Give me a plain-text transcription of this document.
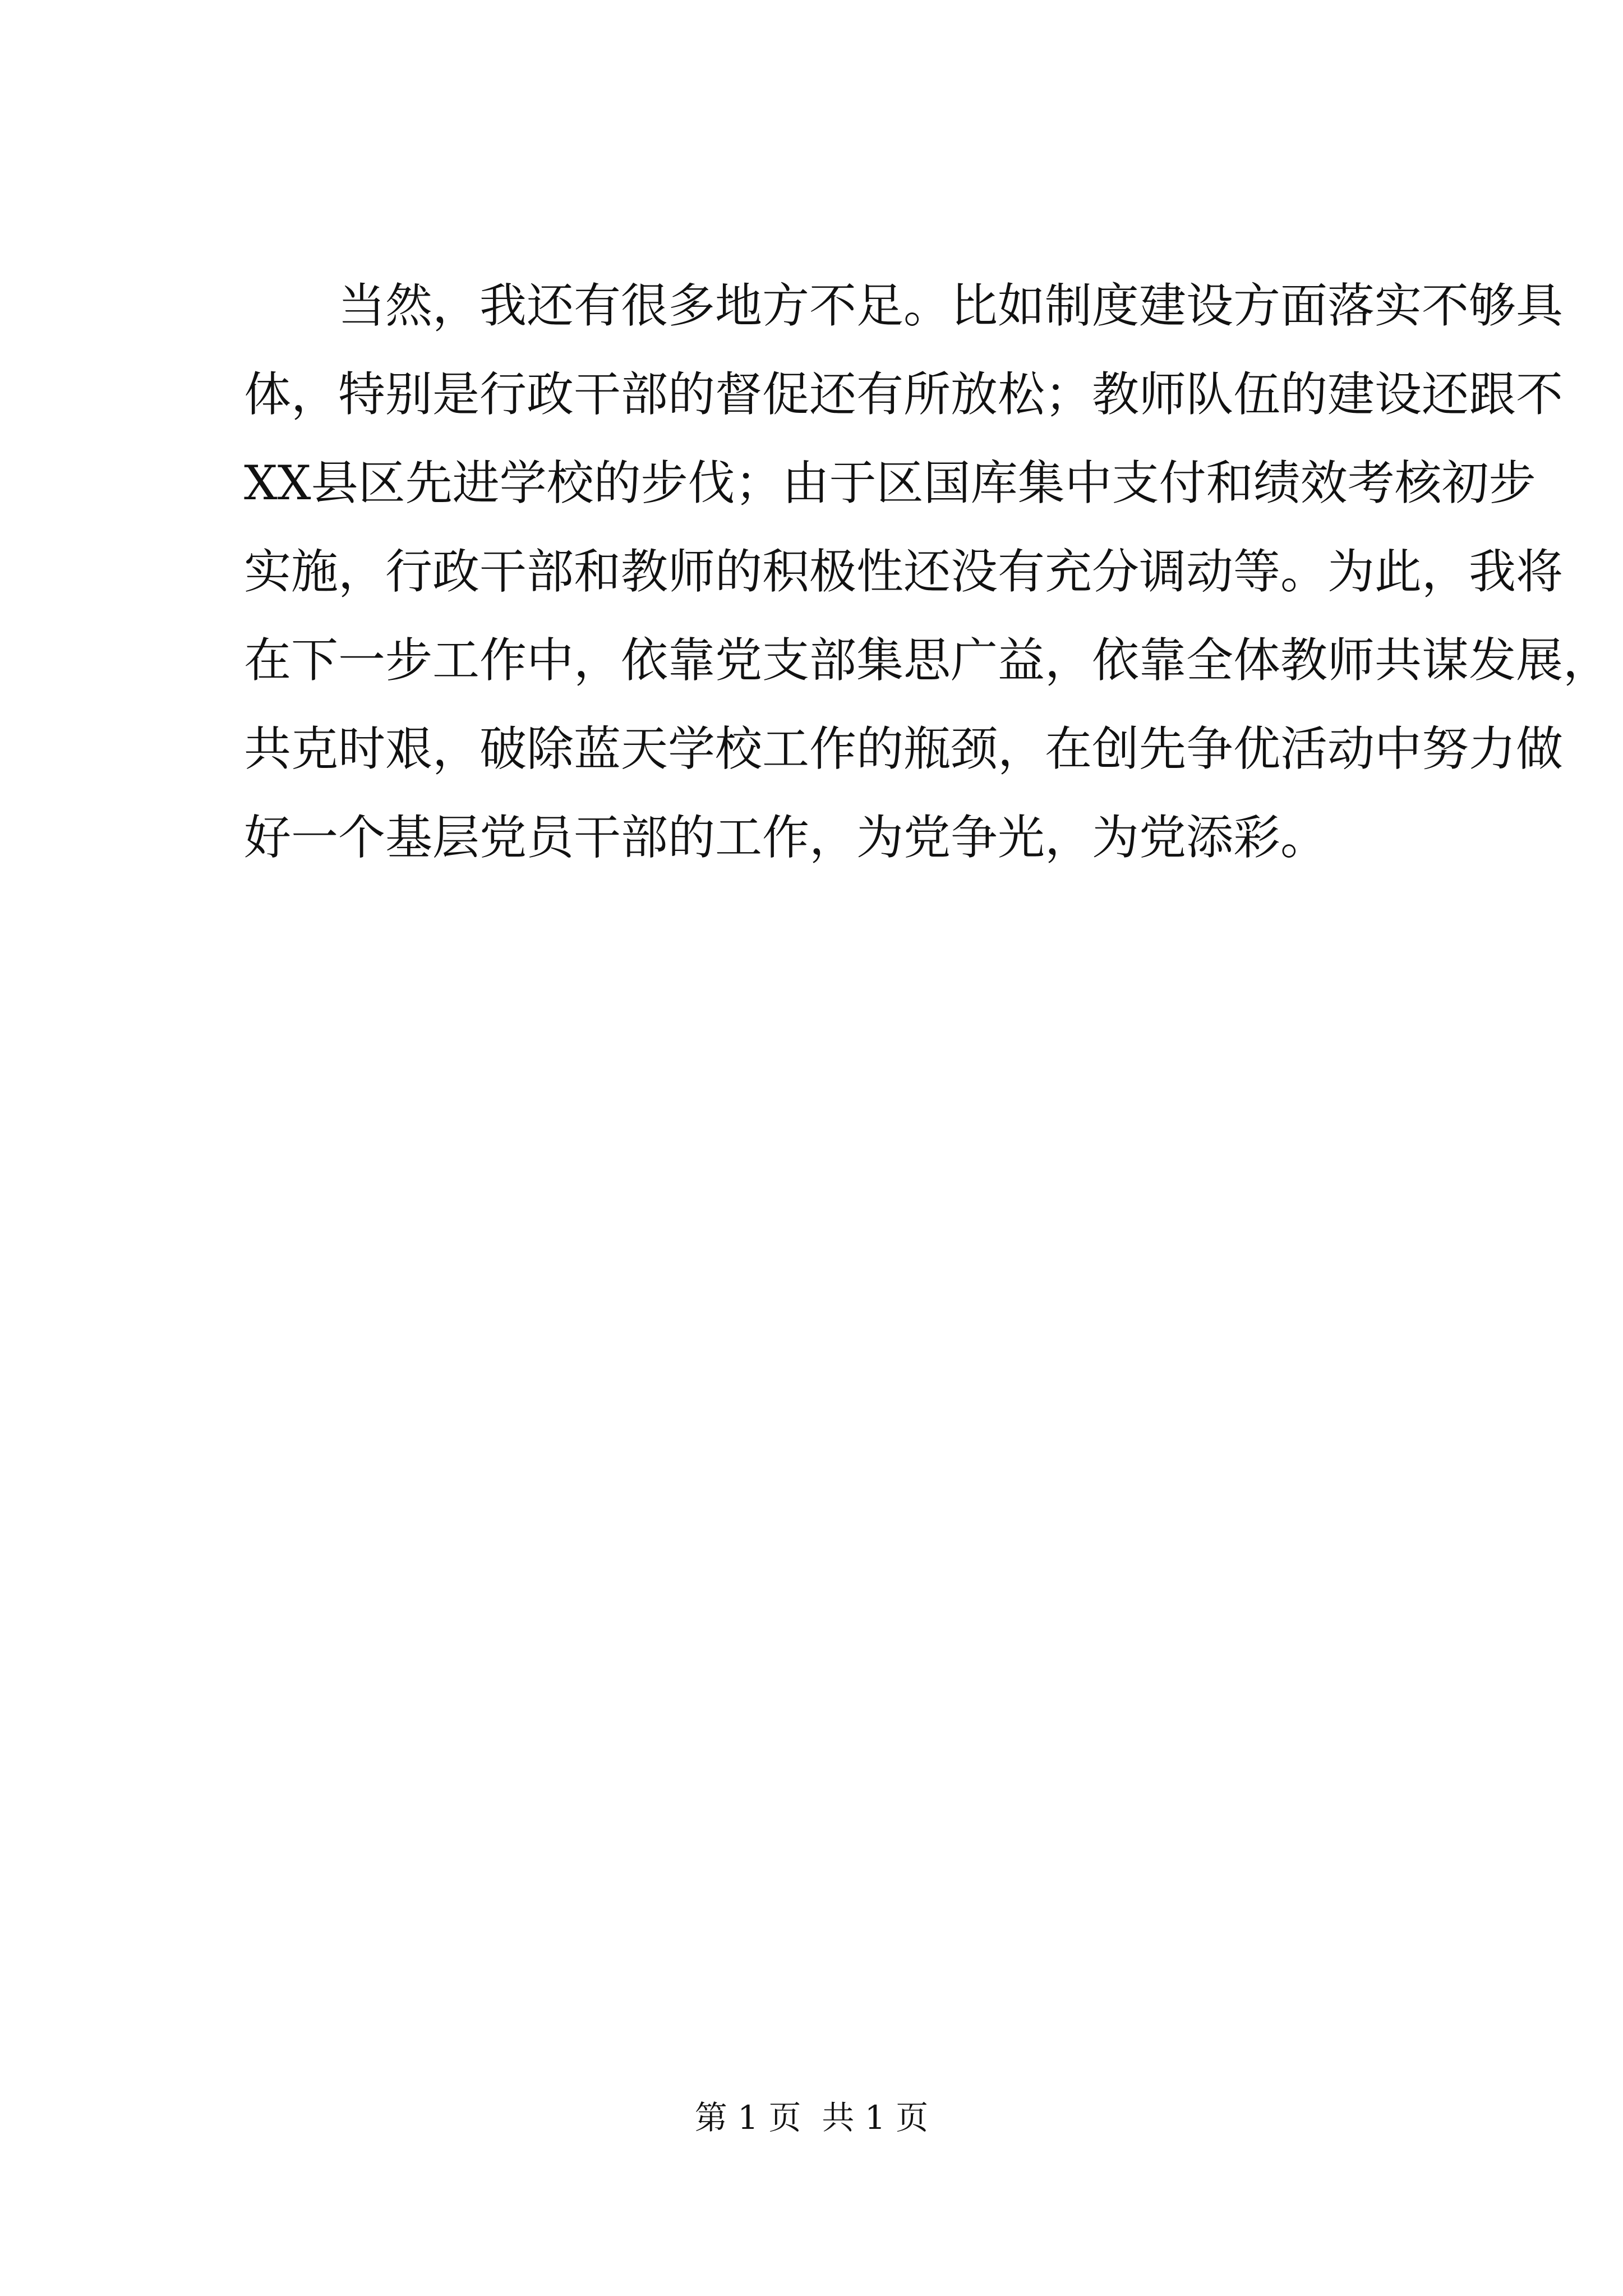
当然，我还有很多地方不足。比如制度建设方面落实不够具
体，特别是行政干部的督促还有所放松；教师队伍的建设还跟不
XX县区先进学校的步伐；由于区国库集中支付和绩效考核初步
实施，行政干部和教师的积极性还没有充分调动等。为此，我将
在下一步工作中，依靠党支部集思广益，依靠全体教师共谋发展，
共克时艰，破除蓝天学校工作的瓶颈，在创先争优活动中努力做
好一个基层党员干部的工作，为党争光，为党添彩。
第 1 页  共 1 页
